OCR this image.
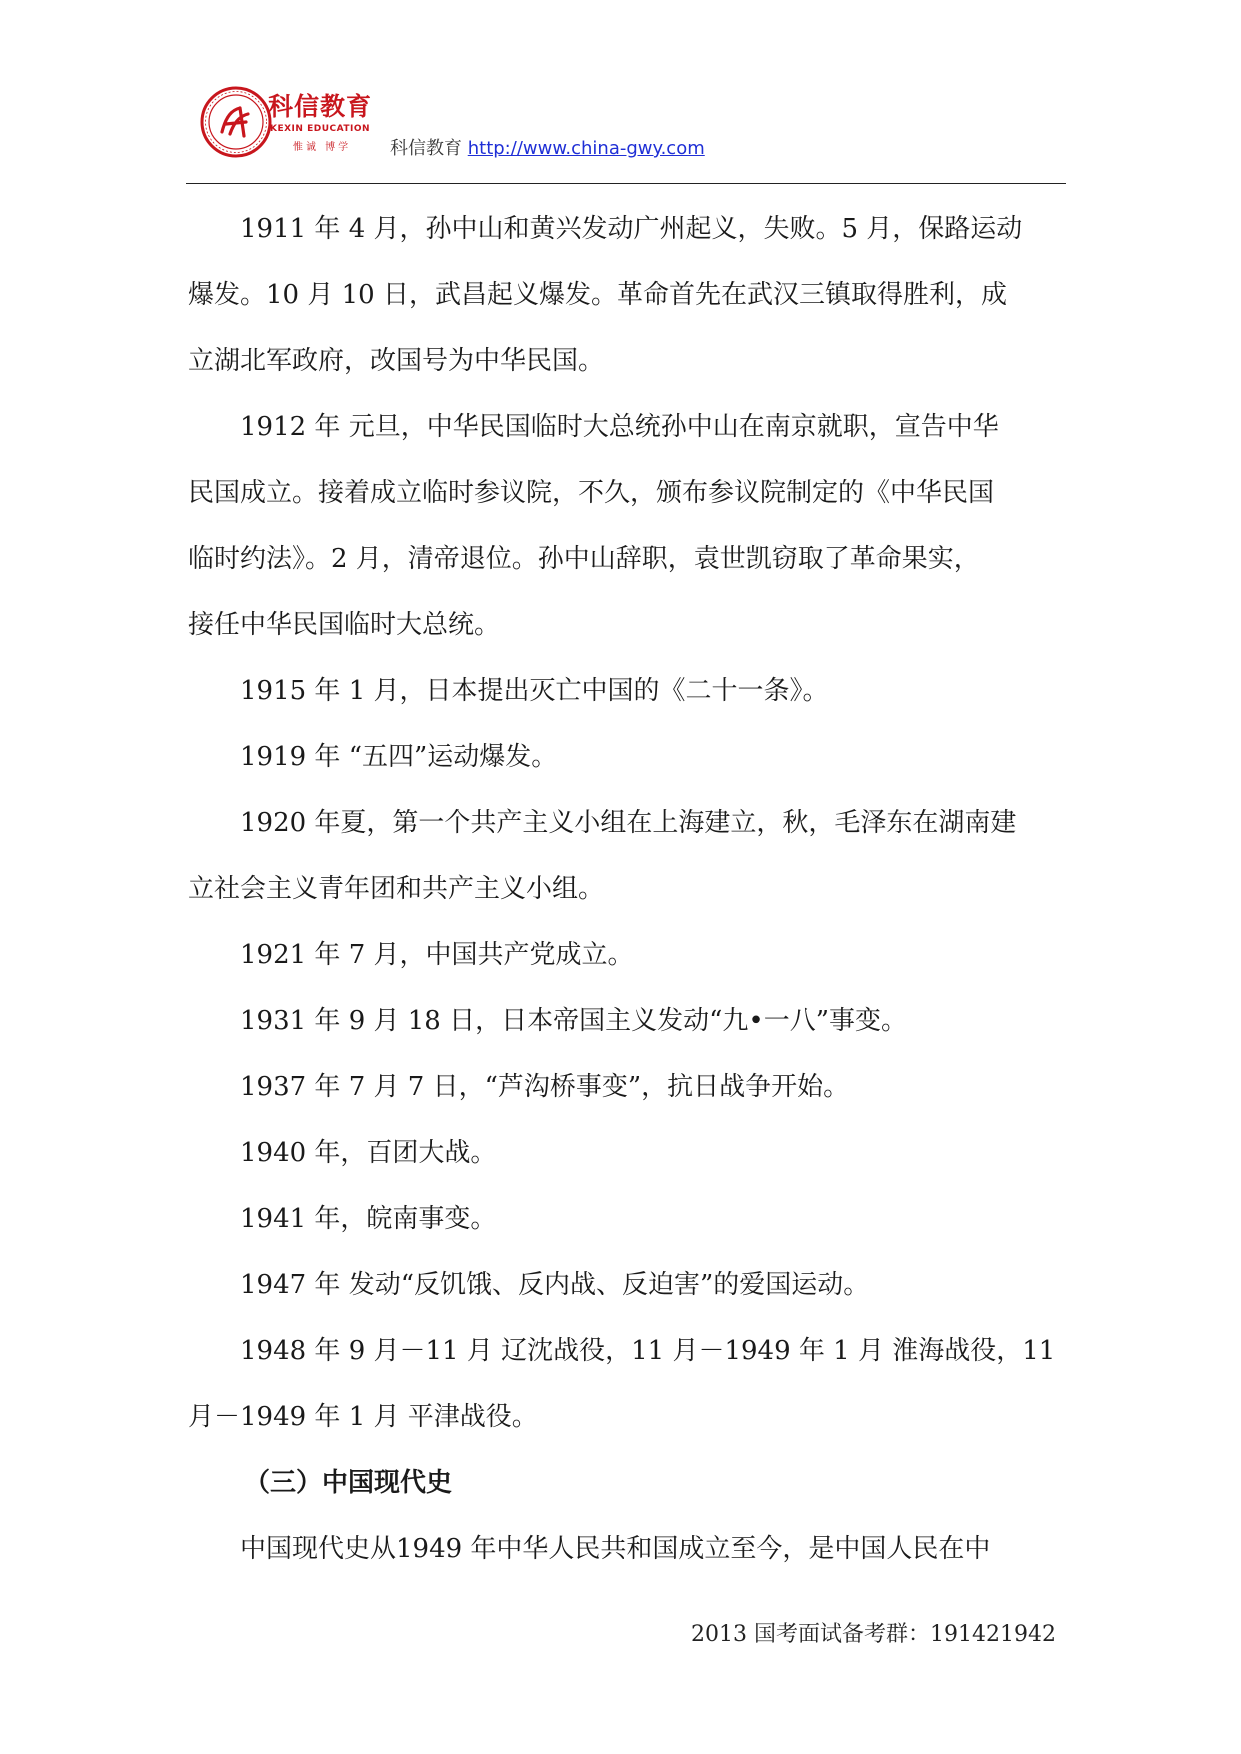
科信教育
KEXIN EDUCATION
惟诚 博学 科信教育 http://www.china-gwy.com

1911 年 4 月，孙中山和黄兴发动广州起义，失败。5 月，保路运动
爆发。10 月 10 日，武昌起义爆发。革命首先在武汉三镇取得胜利，成
立湖北军政府，改国号为中华民国。

1912 年 元旦，中华民国临时大总统孙中山在南京就职，宣告中华
民国成立。接着成立临时参议院，不久，颁布参议院制定的《中华民国
临时约法》。2 月，清帝退位。孙中山辞职，袁世凯窃取了革命果实，
接任中华民国临时大总统。

1915 年 1 月，日本提出灭亡中国的《二十一条》。

1919 年 “五四”运动爆发。

1920 年夏，第一个共产主义小组在上海建立，秋，毛泽东在湖南建
立社会主义青年团和共产主义小组。

1921 年 7 月，中国共产党成立。

1931 年 9 月 18 日，日本帝国主义发动“九•一八”事变。

1937 年 7 月 7 日，“芦沟桥事变”，抗日战争开始。

1940 年，百团大战。

1941 年，皖南事变。

1947 年 发动“反饥饿、反内战、反迫害”的爱国运动。

1948 年 9 月－11 月 辽沈战役，11 月－1949 年 1 月 淮海战役，11
月－1949 年 1 月 平津战役。

（三）中国现代史

中国现代史从1949 年中华人民共和国成立至今，是中国人民在中

2013 国考面试备考群：191421942
